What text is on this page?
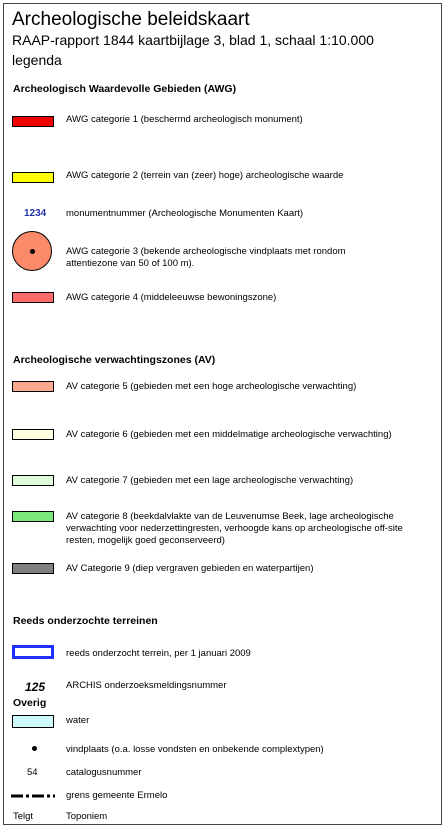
Archeologische beleidskaart
RAAP-rapport 1844 kaartbijlage 3, blad 1, schaal 1:10.000
legenda
Archeologisch Waardevolle Gebieden (AWG)
AWG categorie 1 (beschermd archeologisch monument)
AWG categorie 2 (terrein van (zeer) hoge) archeologische waarde
1234 monumentnummer (Archeologische Monumenten Kaart)
AWG categorie 3 (bekende archeologische vindplaats met rondom attentiezone van 50 of 100 m).
AWG categorie 4 (middeleeuwse bewoningszone)
Archeologische verwachtingszones (AV)
AV categorie 5 (gebieden met een hoge archeologische verwachting)
AV categorie 6 (gebieden met een middelmatige archeologische verwachting)
AV categorie 7 (gebieden met een lage archeologische verwachting)
AV categorie 8 (beekdalvlakte van de Leuvenumse Beek, lage archeologische verwachting voor nederzettingresten, verhoogde kans op archeologische off-site resten, mogelijk goed geconserveerd)
AV Categorie 9 (diep vergraven gebieden en waterpartijen)
Reeds onderzochte terreinen
reeds onderzocht terrein, per 1 januari 2009
125 ARCHIS onderzoeksmeldingsnummer
Overig
water
vindplaats (o.a. losse vondsten en onbekende complextypen)
54	catalogusnummer
grens gemeente Ermelo
Telgt	Toponiem
